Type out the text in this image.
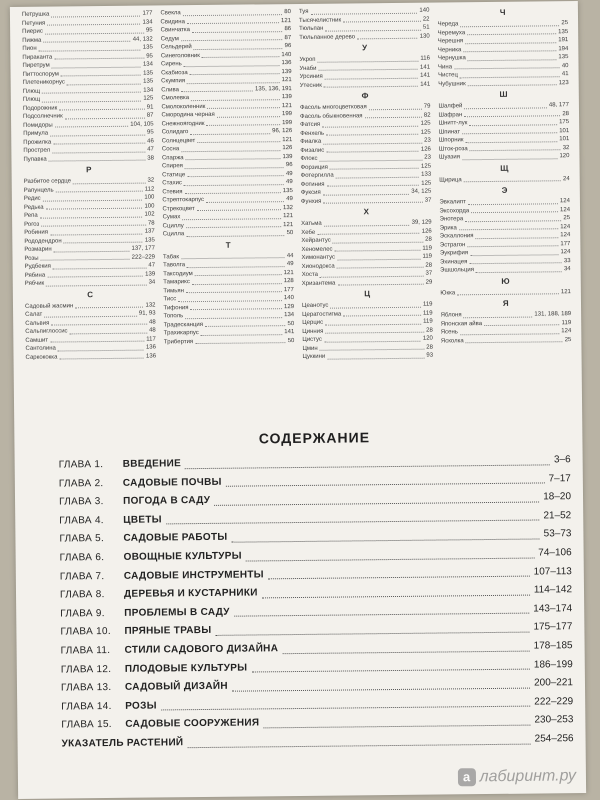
Петрушка	177
Петуния	134
Пиерис	95
Пижма	44, 132
Пион	135
Пираканта	95
Пиретрум	134
Питтоспорум	135
Плетеникорнус	135
Плющ	134
Плющ	125
Подорожник	91
Подсолнечник	87
Помидоры	104, 105
Примула	95
Прожилка	46
Прострел	47
Пупавка	38
Р
Разбитое сердце	32
Рапунцель	112
Редис	100
Редька	100
Репа	102
Рогоз	78
Робиния	137
Рододендрон	135
Розмарин	137, 177
Розы	222–229
Рудбекия	47
Рябина	139
Рябчик	34
С
Садовый жасмин	132
Салат	91, 93
Сальвия	48
Сальпиглоссис	48
Самшит	117
Сантолина	136
Саркококка	136
Свекла	80
Свидина	121
Свинчатка	86
Седум	87
Сельдерей	96
Синеголовник	140
Сирень	136
Скабиоза	139
Скумпия	121
Слива	135, 136, 191
Смолевка	139
Смолоколенник	121
Смородина черная	199
Снежноягодник	199
Солидаго	96, 126
Солнцецвет	121
Сосна	126
Спаржа	139
Спирея	96
Статице	49
Стахис	49
Стевия	135
Стрептокарпус	49
Стрекоцвет	132
Сумах	121
Сциллу	121
Сцилла	50
Т
Табак	44
Таволга	49
Таксодиум	121
Тамарикс	128
Тимьян	177
Тисс	140
Тифония	129
Тополь	134
Традесканция	50
Трахикарпус	141
Трибертия	50
Туя	140
Тысячелистник	22
Тюльпан	51
Тюльпанное дерево	130
У
Укроп	116
Унаби	141
Урсиния	141
Утесник	141
Ф
Фасоль многоцветковая	79
Фасоль обыкновенная	82
Фатсия	125
Фенхель	125
Фиалка	23
Физалис	126
Флокс	23
Форзиция	125
Фотергилла	133
Фотиния	125
Фуксия	34, 125
Фунхия	37
Х
Хатьма	39, 129
Хебе	126
Хейрантус	28
Хеномелес	119
Химонантус	119
Хионодокса	28
Хоста	37
Хризантема	29
Ц
Цеанотус	119
Цератостигма	119
Церцис	119
Цинния	28
Цистус	120
Цмин	28
Цуккини	93
Ч
Череда	25
Черемуха	135
Черешня	191
Черника	194
Чернушка	135
Чина	40
Чистец	41
Чубушник	123
Ш
Шалфей	48, 177
Шафран	28
Шнитт-лук	175
Шпинат	101
Шпорник	101
Шток-роза	32
Шуазия	120
Щ
Щирица	24
Э
Эвкалипт	124
Эксохорда	124
Энотера	25
Эрика	124
Эскаллония	124
Эстрагон	177
Эукрифия	124
Эхинацея	33
Эшшольция	34
Ю
Юкка	121
Я
Яблоня	131, 188, 189
Японская айва	119
Ясень	124
Ясколка	25
СОДЕРЖАНИЕ
ГЛАВА 1.	ВВЕДЕНИЕ	3–6
ГЛАВА 2.	САДОВЫЕ ПОЧВЫ	7–17
ГЛАВА 3.	ПОГОДА В САДУ	18–20
ГЛАВА 4.	ЦВЕТЫ	21–52
ГЛАВА 5.	САДОВЫЕ РАБОТЫ	53–73
ГЛАВА 6.	ОВОЩНЫЕ КУЛЬТУРЫ	74–106
ГЛАВА 7.	САДОВЫЕ ИНСТРУМЕНТЫ	107–113
ГЛАВА 8.	ДЕРЕВЬЯ И КУСТАРНИКИ	114–142
ГЛАВА 9.	ПРОБЛЕМЫ В САДУ	143–174
ГЛАВА 10.	ПРЯНЫЕ ТРАВЫ	175–177
ГЛАВА 11.	СТИЛИ САДОВОГО ДИЗАЙНА	178–185
ГЛАВА 12.	ПЛОДОВЫЕ КУЛЬТУРЫ	186–199
ГЛАВА 13.	САДОВЫЙ ДИЗАЙН	200–221
ГЛАВА 14.	РОЗЫ	222–229
ГЛАВА 15.	САДОВЫЕ СООРУЖЕНИЯ	230–253
УКАЗАТЕЛЬ РАСТЕНИЙ	254–256
a лабиринт.ру
